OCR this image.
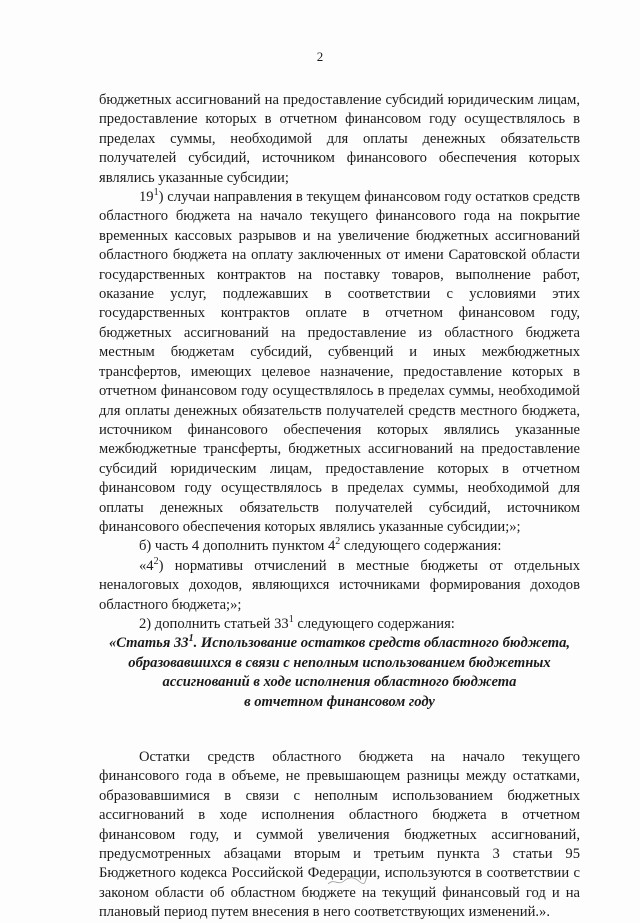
2

бюджетных ассигнований на предоставление субсидий юридическим лицам, предоставление которых в отчетном финансовом году осуществлялось в пределах суммы, необходимой для оплаты денежных обязательств получателей субсидий, источником финансового обеспечения которых являлись указанные субсидии;

$19^1$) случаи направления в текущем финансовом году остатков средств областного бюджета на начало текущего финансового года на покрытие временных кассовых разрывов и на увеличение бюджетных ассигнований областного бюджета на оплату заключенных от имени Саратовской области государственных контрактов на поставку товаров, выполнение работ, оказание услуг, подлежавших в соответствии с условиями этих государственных контрактов оплате в отчетном финансовом году, бюджетных ассигнований на предоставление из областного бюджета местным бюджетам субсидий, субвенций и иных межбюджетных трансфертов, имеющих целевое назначение, предоставление которых в отчетном финансовом году осуществлялось в пределах суммы, необходимой для оплаты денежных обязательств получателей средств местного бюджета, источником финансового обеспечения которых являлись указанные межбюджетные трансферты, бюджетных ассигнований на предоставление субсидий юридическим лицам, предоставление которых в отчетном финансовом году осуществлялось в пределах суммы, необходимой для оплаты денежных обязательств получателей субсидий, источником финансового обеспечения которых являлись указанные субсидии;»;

б) часть 4 дополнить пунктом $4^2$ следующего содержания:

«$4^2$) нормативы отчислений в местные бюджеты от отдельных неналоговых доходов, являющихся источниками формирования доходов областного бюджета;»;

2) дополнить статьей $33^1$ следующего содержания:

«Статья $33^1$. Использование остатков средств областного бюджета,
образовавшихся в связи с неполным использованием бюджетных
ассигнований в ходе исполнения областного бюджета
в отчетном финансовом году

Остатки средств областного бюджета на начало текущего финансового года в объеме, не превышающем разницы между остатками, образовавшимися в связи с неполным использованием бюджетных ассигнований в ходе исполнения областного бюджета в отчетном финансовом году, и суммой увеличения бюджетных ассигнований, предусмотренных абзацами вторым и третьим пункта 3 статьи 95 Бюджетного кодекса Российской Федерации, используются в соответствии с законом области об областном бюджете на текущий финансовый год и на плановый период путем внесения в него соответствующих изменений.».
